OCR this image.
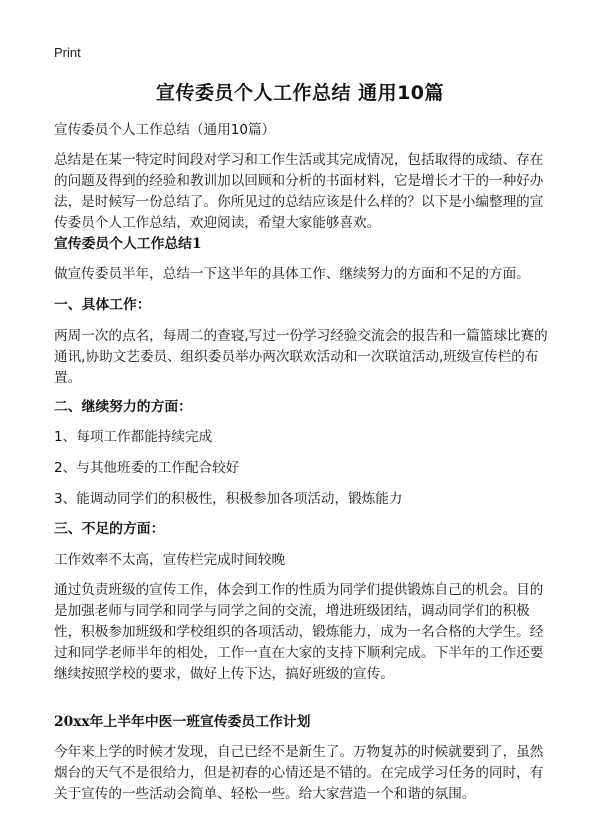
Print
宣传委员个人工作总结 通用10篇

宣传委员个人工作总结（通用10篇）

总结是在某一特定时间段对学习和工作生活或其完成情况，包括取得的成绩、存在的问题及得到的经验和教训加以回顾和分析的书面材料，它是增长才干的一种好办法，是时候写一份总结了。你所见过的总结应该是什么样的？以下是小编整理的宣传委员个人工作总结，欢迎阅读，希望大家能够喜欢。

宣传委员个人工作总结1

做宣传委员半年，总结一下这半年的具体工作、继续努力的方面和不足的方面。

一、具体工作：

两周一次的点名，每周二的查寝,写过一份学习经验交流会的报告和一篇篮球比赛的通讯,协助文艺委员、组织委员举办两次联欢活动和一次联谊活动,班级宣传栏的布置。

二、继续努力的方面：

1、每项工作都能持续完成

2、与其他班委的工作配合较好

3、能调动同学们的积极性，积极参加各项活动，锻炼能力

三、不足的方面：

工作效率不太高，宣传栏完成时间较晚

通过负责班级的宣传工作，体会到工作的性质为同学们提供锻炼自己的机会。目的是加强老师与同学和同学与同学之间的交流，增进班级团结，调动同学们的积极性，积极参加班级和学校组织的各项活动，锻炼能力，成为一名合格的大学生。经过和同学老师半年的相处，工作一直在大家的支持下顺利完成。下半年的工作还要继续按照学校的要求，做好上传下达，搞好班级的宣传。

20xx年上半年中医一班宣传委员工作计划

今年来上学的时候才发现，自己已经不是新生了。万物复苏的时候就要到了，虽然烟台的天气不是很给力，但是初春的心情还是不错的。在完成学习任务的同时，有关于宣传的一些活动会简单、轻松一些。给大家营造一个和谐的氛围。
